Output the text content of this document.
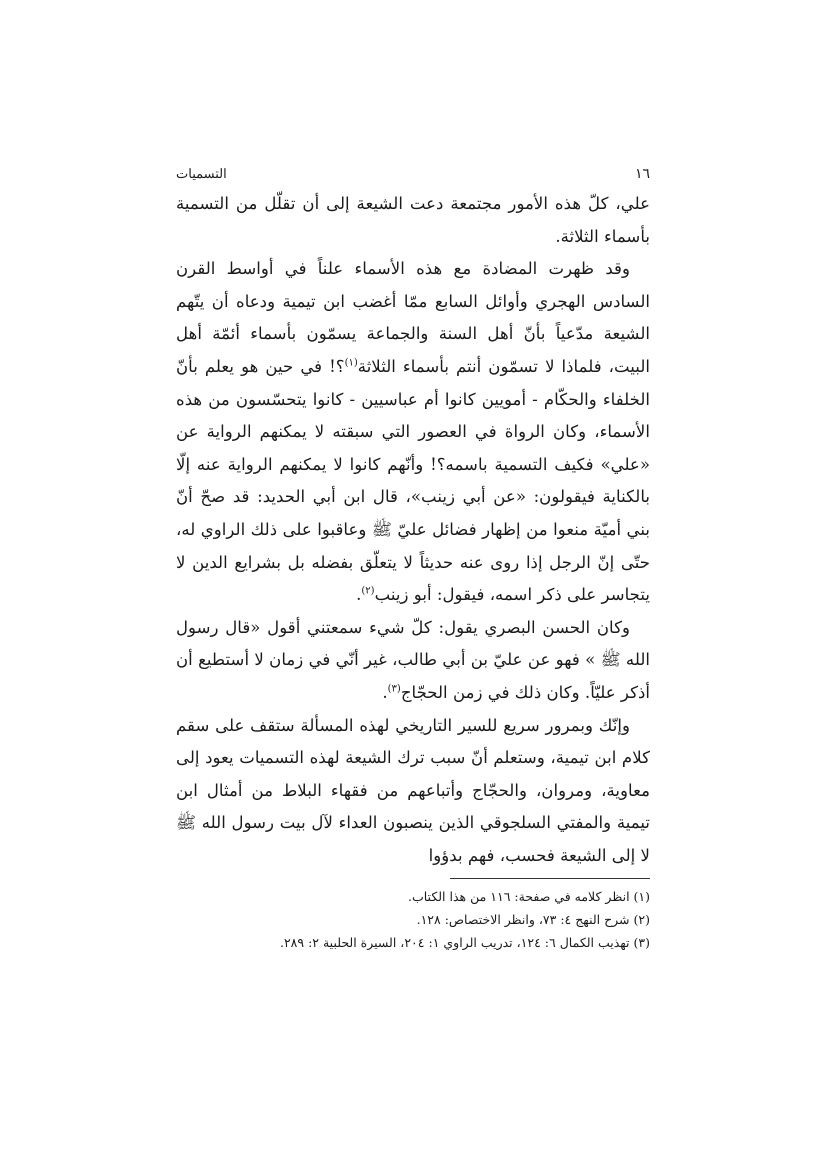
١٦
التسميات

علي، كلّ هذه الأمور مجتمعة دعت الشيعة إلى أن تقلّل من التسمية بأسماء الثلاثة.

وقد ظهرت المضادة مع هذه الأسماء علناً في أواسط القرن السادس الهجري وأوائل السابع ممّا أغضب ابن تيمية ودعاه أن يتّهم الشيعة مدّعياً بأنّ أهل السنة والجماعة يسمّون بأسماء أئمّة أهل البيت، فلماذا لا تسمّون أنتم بأسماء الثلاثة$^{(١)}$؟! في حين هو يعلم بأنّ الخلفاء والحكّام - أمويين كانوا أم عباسيين - كانوا يتحسّسون من هذه الأسماء، وكان الرواة في العصور التي سبقته لا يمكنهم الرواية عن «علي» فكيف التسمية باسمه؟! وأنّهم كانوا لا يمكنهم الرواية عنه إلّا بالكناية فيقولون: «عن أبي زينب»، قال ابن أبي الحديد: قد صحّ أنّ بني أميّة منعوا من إظهار فضائل عليّ ﷺ وعاقبوا على ذلك الراوي له، حتّى إنّ الرجل إذا روى عنه حديثاً لا يتعلّق بفضله بل بشرايع الدين لا يتجاسر على ذكر اسمه، فيقول: أبو زينب$^{(٢)}$.

وكان الحسن البصري يقول: كلّ شيء سمعتني أقول «قال رسول الله ﷺ » فهو عن عليّ بن أبي طالب، غير أنّي في زمان لا أستطيع أن أذكر عليّاً. وكان ذلك في زمن الحجّاج$^{(٣)}$.

وإنّك وبمرور سريع للسير التاريخي لهذه المسألة ستقف على سقم كلام ابن تيمية، وستعلم أنّ سبب ترك الشيعة لهذه التسميات يعود إلى معاوية، ومروان، والحجّاج وأتباعهم من فقهاء البلاط من أمثال ابن تيمية والمفتي السلجوقي الذين ينصبون العداء لآل بيت رسول الله ﷺ لا إلى الشيعة فحسب، فهم بدؤوا

(١) انظر كلامه في صفحة: ١١٦ من هذا الكتاب.

(٢) شرح النهج ٤: ٧٣، وانظر الاختصاص: ١٢٨.

(٣) تهذيب الكمال ٦: ١٢٤، تدريب الراوي ١: ٢٠٤، السيرة الحلبية ٢: ٢٨٩.
